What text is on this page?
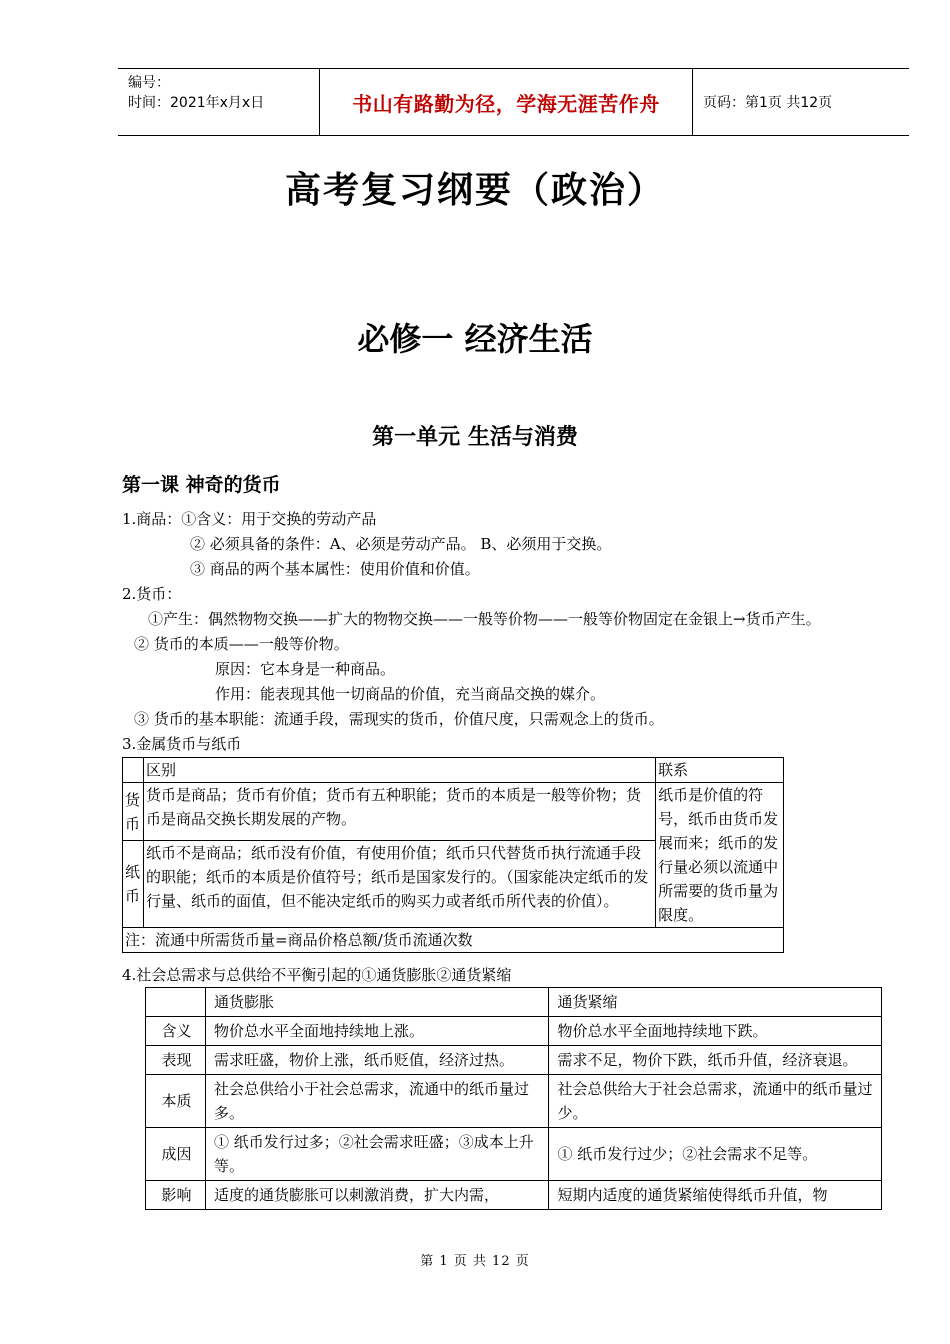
编号：
时间：2021年x月x日	书山有路勤为径，学海无涯苦作舟	页码：第1页 共12页
高考复习纲要（政治）
必修一 经济生活
第一单元 生活与消费
第一课 神奇的货币
1.商品：①含义：用于交换的劳动产品
② 必须具备的条件：A、必须是劳动产品。 B、必须用于交换。
③ 商品的两个基本属性：使用价值和价值。
2.货币：
①产生：偶然物物交换——扩大的物物交换——一般等价物——一般等价物固定在金银上→货币产生。
② 货币的本质——一般等价物。
原因：它本身是一种商品。
作用：能表现其他一切商品的价值，充当商品交换的媒介。
③ 货币的基本职能：流通手段，需现实的货币，价值尺度，只需观念上的货币。
3.金属货币与纸币
	区别	联系
货币	货币是商品；货币有价值；货币有五种职能；货币的本质是一般等价物；货币是商品交换长期发展的产物。	纸币是价值的符号，纸币由货币发展而来；纸币的发行量必须以流通中所需要的货币量为限度。
纸币	纸币不是商品；纸币没有价值，有使用价值；纸币只代替货币执行流通手段的职能；纸币的本质是价值符号；纸币是国家发行的。（国家能决定纸币的发行量、纸币的面值，但不能决定纸币的购买力或者纸币所代表的价值）。	
注：流通中所需货币量=商品价格总额/货币流通次数		
4.社会总需求与总供给不平衡引起的①通货膨胀②通货紧缩
	通货膨胀	通货紧缩
含义	物价总水平全面地持续地上涨。	物价总水平全面地持续地下跌。
表现	需求旺盛，物价上涨，纸币贬值，经济过热。	需求不足，物价下跌，纸币升值，经济衰退。
本质	社会总供给小于社会总需求，流通中的纸币量过多。	社会总供给大于社会总需求，流通中的纸币量过少。
成因	① 纸币发行过多；②社会需求旺盛；③成本上升等。	① 纸币发行过少；②社会需求不足等。
影响	适度的通货膨胀可以刺激消费，扩大内需，	短期内适度的通货紧缩使得纸币升值，物
第 1 页 共 12 页
